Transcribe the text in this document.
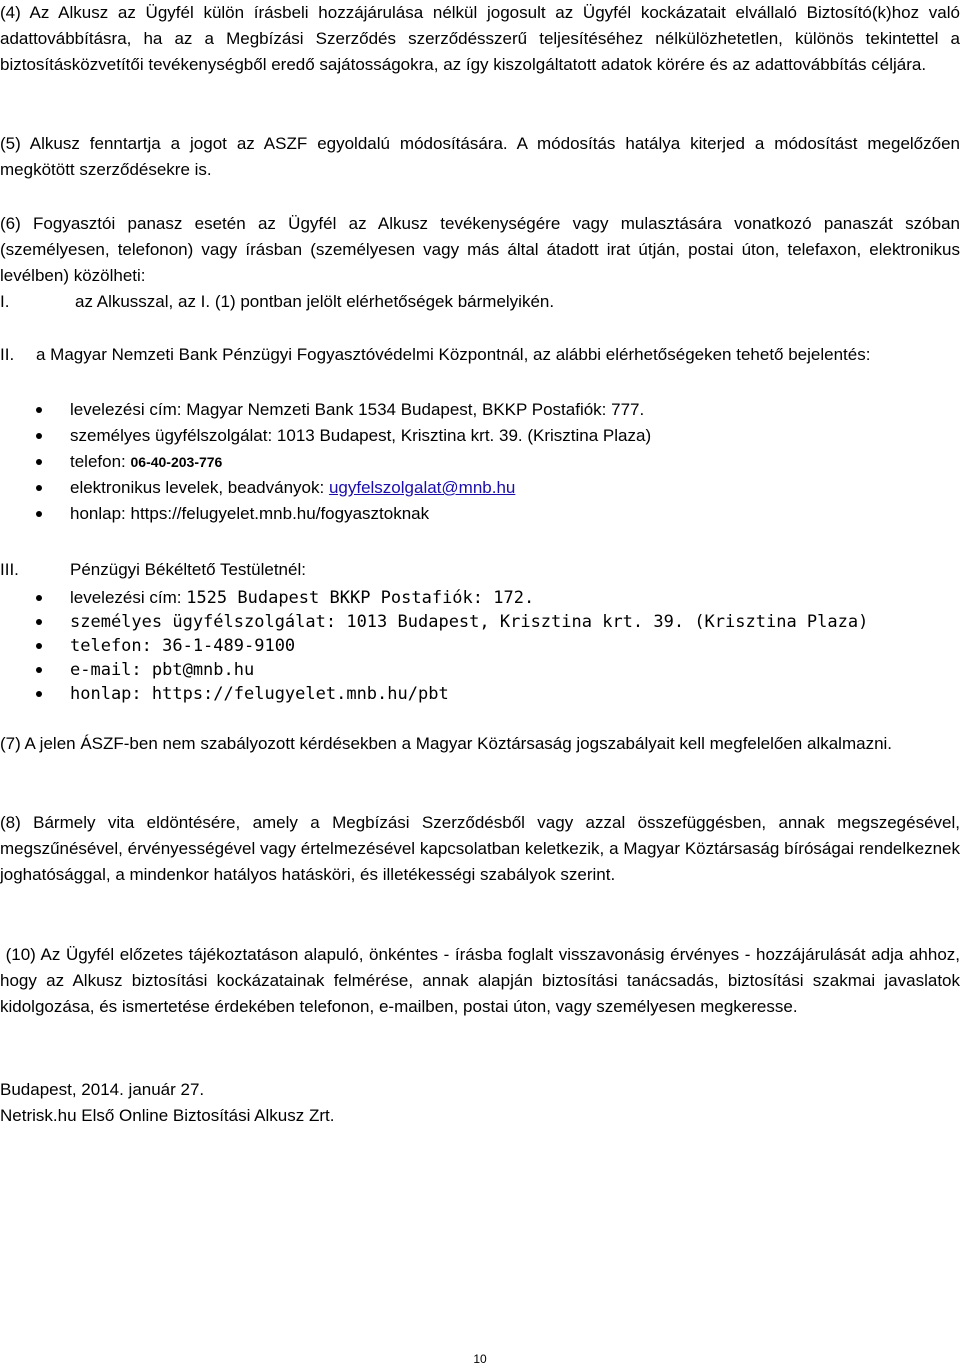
(4) Az Alkusz az Ügyfél külön írásbeli hozzájárulása nélkül jogosult az Ügyfél kockázatait elvállaló Biztosító(k)hoz való adattovábbításra, ha az a Megbízási Szerződés szerződésszerű teljesítéséhez nélkülözhetetlen, különös tekintettel a biztosításközvetítői tevékenységből eredő sajátosságokra, az így kiszolgáltatott adatok körére és az adattovábbítás céljára.

(5) Alkusz fenntartja a jogot az ASZF egyoldalú módosítására. A módosítás hatálya kiterjed a módosítást megelőzően megkötött szerződésekre is.

(6) Fogyasztói panasz esetén az Ügyfél az Alkusz tevékenységére vagy mulasztására vonatkozó panaszát szóban (személyesen, telefonon) vagy írásban (személyesen vagy más által átadott irat útján, postai úton, telefaxon, elektronikus levélben) közölheti:

I.	az Alkusszal, az I. (1) pontban jelölt elérhetőségek bármelyikén.
II. a Magyar Nemzeti Bank Pénzügyi Fogyasztóvédelmi Központnál, az alábbi elérhetőségeken tehető bejelentés:

levelezési cím: Magyar Nemzeti Bank 1534 Budapest, BKKP Postafiók: 777.
személyes ügyfélszolgálat: 1013 Budapest, Krisztina krt. 39. (Krisztina Plaza)
telefon: 06-40-203-776
elektronikus levelek, beadványok: ugyfelszolgalat@mnb.hu
honlap: https://felugyelet.mnb.hu/fogyasztoknak
III.	Pénzügyi Békéltető Testületnél:
levelezési cím: 1525 Budapest BKKP Postafiók: 172.
személyes ügyfélszolgálat: 1013 Budapest, Krisztina krt. 39. (Krisztina Plaza)
telefon: 36-1-489-9100
e-mail: pbt@mnb.hu
honlap: https://felugyelet.mnb.hu/pbt

(7) A jelen ÁSZF-ben nem szabályozott kérdésekben a Magyar Köztársaság jogszabályait kell megfelelően alkalmazni.

(8) Bármely vita eldöntésére, amely a Megbízási Szerződésből vagy azzal összefüggésben, annak megszegésével, megszűnésével, érvényességével vagy értelmezésével kapcsolatban keletkezik, a Magyar Köztársaság bíróságai rendelkeznek joghatósággal, a mindenkor hatályos hatásköri, és illetékességi szabályok szerint.

(10) Az Ügyfél előzetes tájékoztatáson alapuló, önkéntes - írásba foglalt visszavonásig érvényes - hozzájárulását adja ahhoz, hogy az Alkusz biztosítási kockázatainak felmérése, annak alapján biztosítási tanácsadás, biztosítási szakmai javaslatok kidolgozása, és ismertetése érdekében telefonon, e-mailben, postai úton, vagy személyesen megkeresse.

Budapest, 2014. január 27.
Netrisk.hu Első Online Biztosítási Alkusz Zrt.
10
